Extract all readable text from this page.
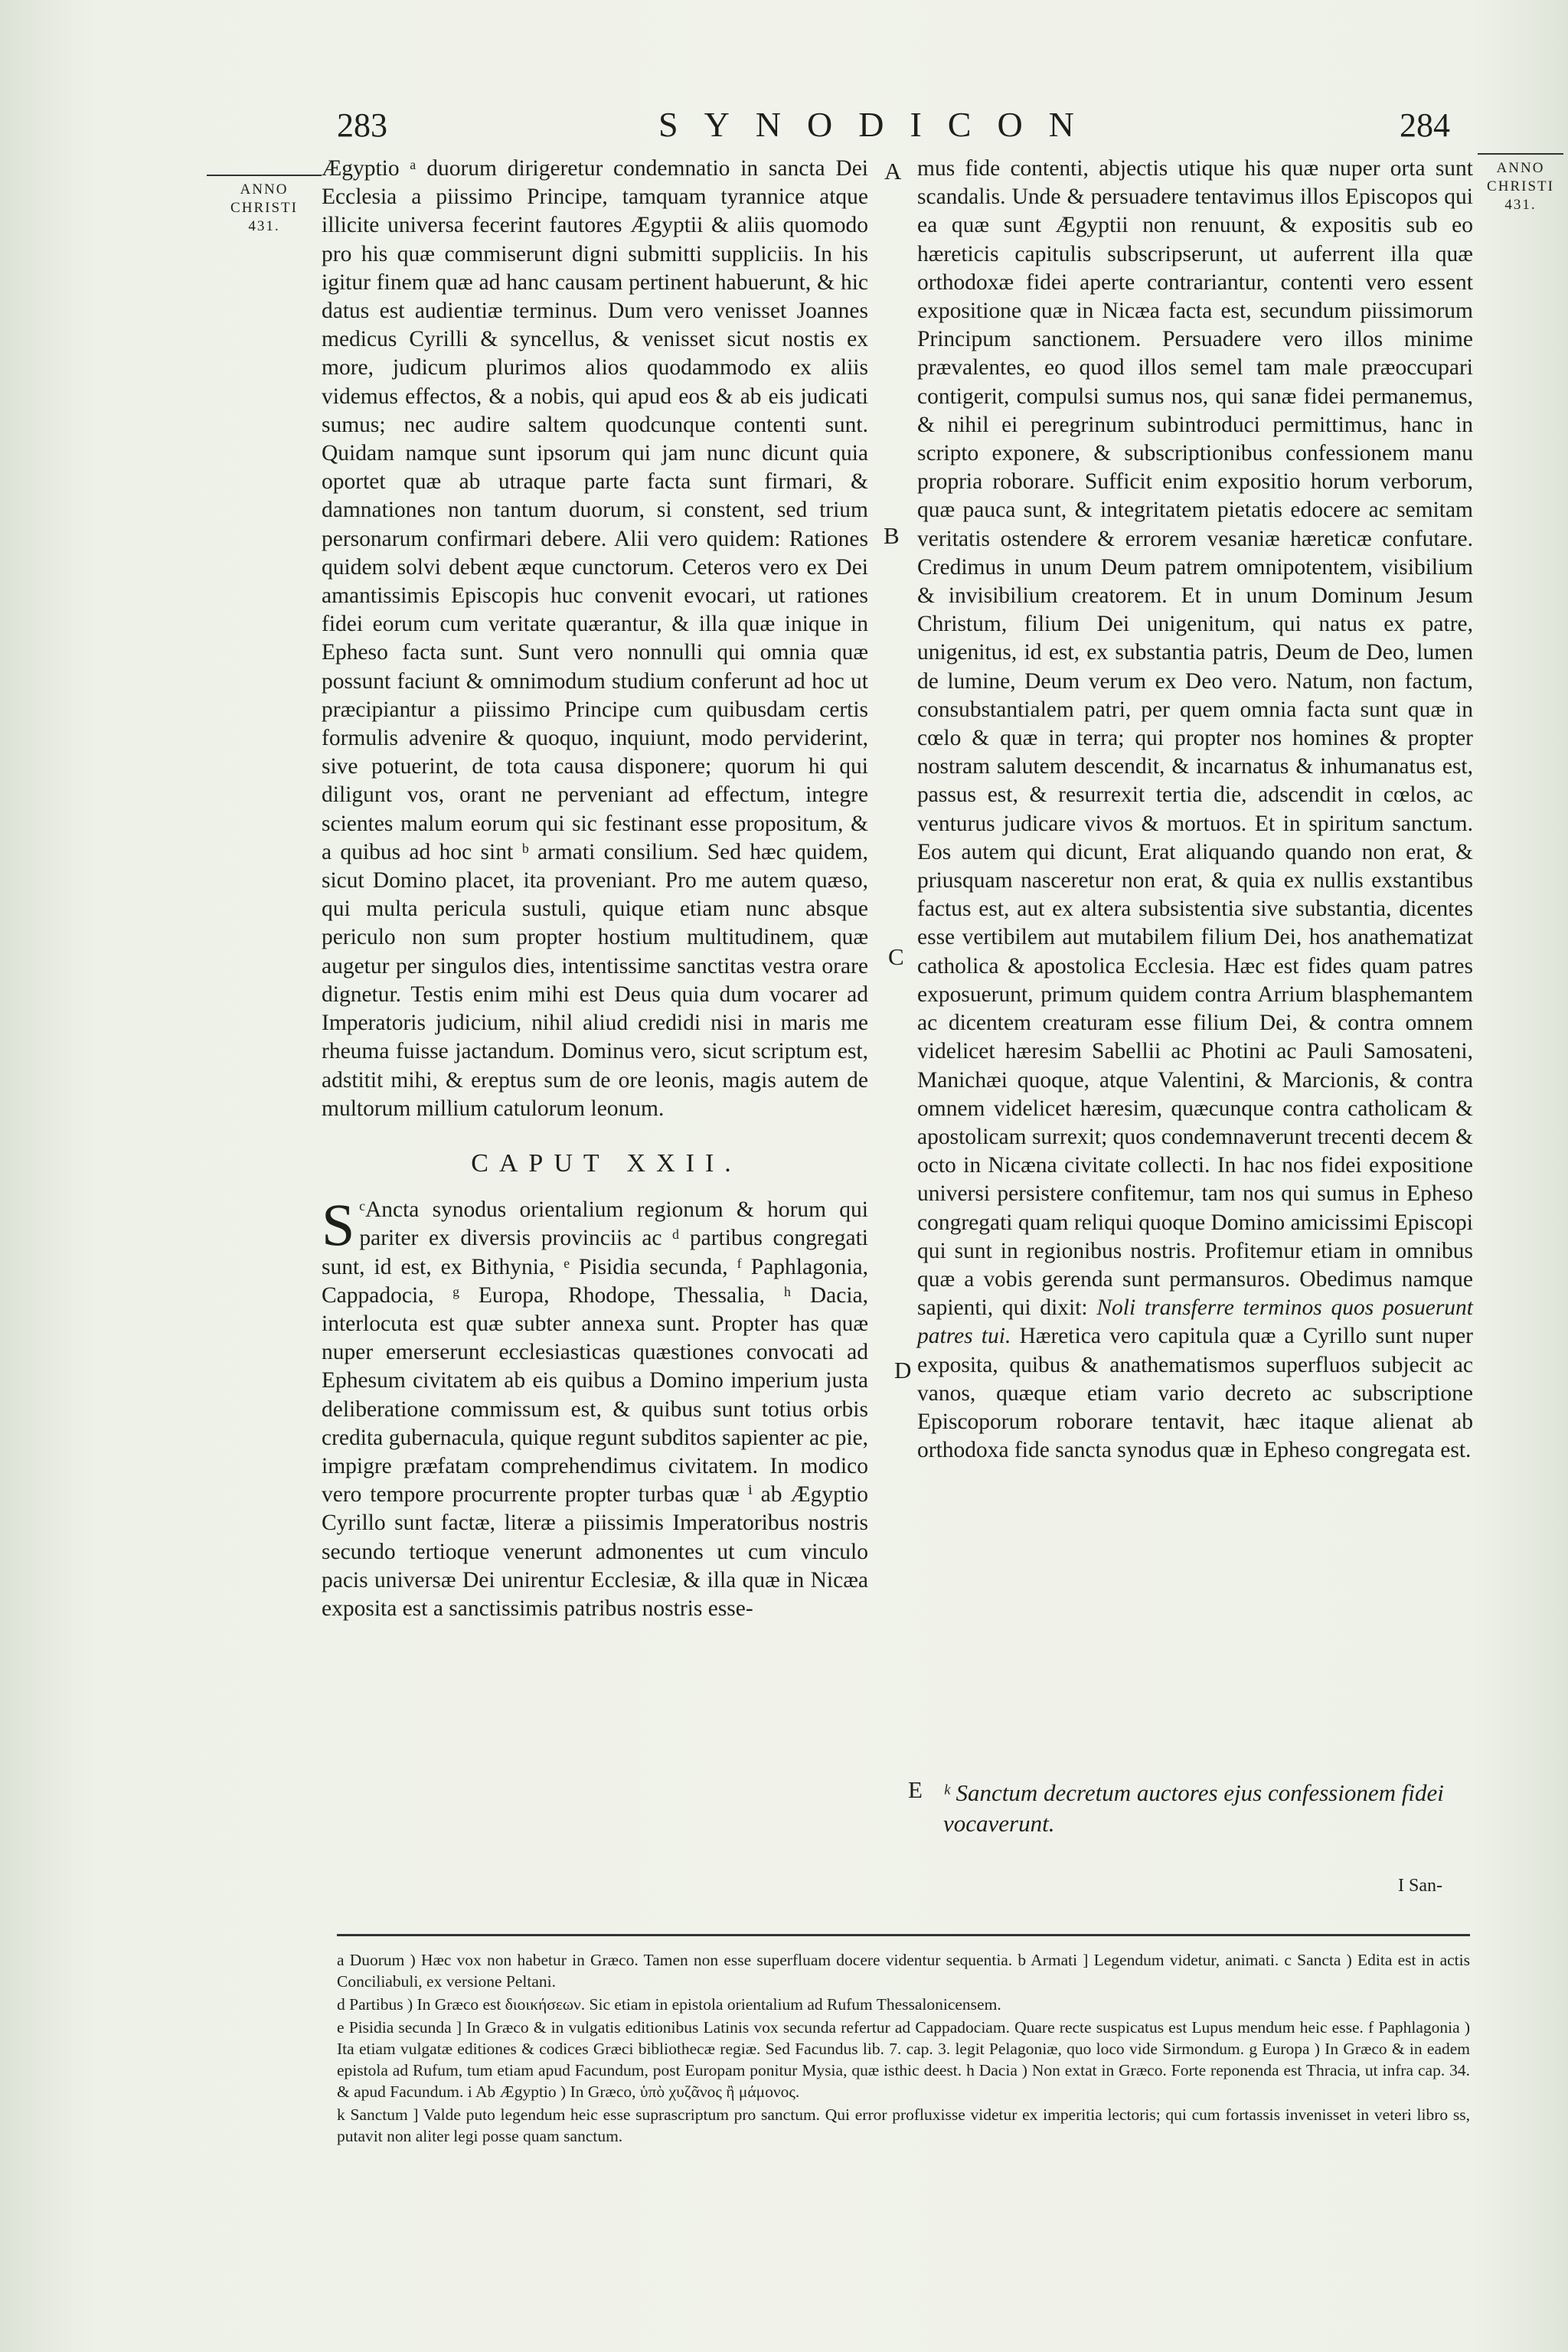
283	SYNODICON	284
ANNO
CHRISTI
431.
ANNO
CHRISTI
431.

Ægyptio ᵃ duorum dirigeretur condemnatio in sancta Dei Ecclesia a piissimo Principe, tamquam tyrannice atque illicite universa fecerint fautores Ægyptii & aliis quomodo pro his quæ commiserunt digni submitti suppliciis. In his igitur finem quæ ad hanc causam pertinent habuerunt, & hic datus est audientiæ terminus. Dum vero venisset Joannes medicus Cyrilli & syncellus, & venisset sicut nostis ex more, judicum plurimos alios quodammodo ex aliis videmus effectos, & a nobis, qui apud eos & ab eis judicati sumus; nec audire saltem quodcunque contenti sunt. Quidam namque sunt ipsorum qui jam nunc dicunt quia oportet quæ ab utraque parte facta sunt firmari, & damnationes non tantum duorum, si constent, sed trium personarum confirmari debere. Alii vero quidem: Rationes quidem solvi debent æque cunctorum. Ceteros vero ex Dei amantissimis Episcopis huc convenit evocari, ut rationes fidei eorum cum veritate quærantur, & illa quæ inique in Epheso facta sunt. Sunt vero nonnulli qui omnia quæ possunt faciunt & omnimodum studium conferunt ad hoc ut præcipiantur a piissimo Principe cum quibusdam certis formulis advenire & quoquo, inquiunt, modo perviderint, sive potuerint, de tota causa disponere; quorum hi qui diligunt vos, orant ne perveniant ad effectum, integre scientes malum eorum qui sic festinant esse propositum, & a quibus ad hoc sint ᵇ armati consilium. Sed hæc quidem, sicut Domino placet, ita proveniant. Pro me autem quæso, qui multa pericula sustuli, quique etiam nunc absque periculo non sum propter hostium multitudinem, quæ augetur per singulos dies, intentissime sanctitas vestra orare dignetur. Testis enim mihi est Deus quia dum vocarer ad Imperatoris judicium, nihil aliud credidi nisi in maris me rheuma fuisse jactandum. Dominus vero, sicut scriptum est, adstitit mihi, & ereptus sum de ore leonis, magis autem de multorum millium catulorum leonum.

CAPUT XXII.

S ᶜAncta synodus orientalium regionum & horum qui pariter ex diversis provinciis ac ᵈ partibus congregati sunt, id est, ex Bithynia, ᵉ Pisidia secunda, ᶠ Paphlagonia, Cappadocia, ᵍ Europa, Rhodope, Thessalia, ʰ Dacia, interlocuta est quæ subter annexa sunt. Propter has quæ nuper emerserunt ecclesiasticas quæstiones convocati ad Ephesum civitatem ab eis quibus a Domino imperium justa deliberatione commissum est, & quibus sunt totius orbis credita gubernacula, quique regunt subditos sapienter ac pie, impigre præfatam comprehendimus civitatem. In modico vero tempore procurrente propter turbas quæ ⁱ ab Ægyptio Cyrillo sunt factæ, literæ a piissimis Imperatoribus nostris secundo tertioque venerunt admonentes ut cum vinculo pacis universæ Dei unirentur Ecclesiæ, & illa quæ in Nicæa exposita est a sanctissimis patribus nostris esse-

A
B
C
D
E

mus fide contenti, abjectis utique his quæ nuper orta sunt scandalis. Unde & persuadere tentavimus illos Episcopos qui ea quæ sunt Ægyptii non renuunt, & expositis sub eo hæreticis capitulis subscripserunt, ut auferrent illa quæ orthodoxæ fidei aperte contrariantur, contenti vero essent expositione quæ in Nicæa facta est, secundum piissimorum Principum sanctionem. Persuadere vero illos minime prævalentes, eo quod illos semel tam male præoccupari contigerit, compulsi sumus nos, qui sanæ fidei permanemus, & nihil ei peregrinum subintroduci permittimus, hanc in scripto exponere, & subscriptionibus confessionem manu propria roborare. Sufficit enim expositio horum verborum, quæ pauca sunt, & integritatem pietatis edocere ac semitam veritatis ostendere & errorem vesaniæ hæreticæ confutare. Credimus in unum Deum patrem omnipotentem, visibilium & invisibilium creatorem. Et in unum Dominum Jesum Christum, filium Dei unigenitum, qui natus ex patre, unigenitus, id est, ex substantia patris, Deum de Deo, lumen de lumine, Deum verum ex Deo vero. Natum, non factum, consubstantialem patri, per quem omnia facta sunt quæ in cœlo & quæ in terra; qui propter nos homines & propter nostram salutem descendit, & incarnatus & inhumanatus est, passus est, & resurrexit tertia die, adscendit in cœlos, ac venturus judicare vivos & mortuos. Et in spiritum sanctum. Eos autem qui dicunt, Erat aliquando quando non erat, & priusquam nasceretur non erat, & quia ex nullis exstantibus factus est, aut ex altera subsistentia sive substantia, dicentes esse vertibilem aut mutabilem filium Dei, hos anathematizat catholica & apostolica Ecclesia. Hæc est fides quam patres exposuerunt, primum quidem contra Arrium blasphemantem ac dicentem creaturam esse filium Dei, & contra omnem videlicet hæresim Sabellii ac Photini ac Pauli Samosateni, Manichæi quoque, atque Valentini, & Marcionis, & contra omnem videlicet hæresim, quæcunque contra catholicam & apostolicam surrexit; quos condemnaverunt trecenti decem & octo in Nicæna civitate collecti. In hac nos fidei expositione universi persistere confitemur, tam nos qui sumus in Epheso congregati quam reliqui quoque Domino amicissimi Episcopi qui sunt in regionibus nostris. Profitemur etiam in omnibus quæ a vobis gerenda sunt permansuros. Obedimus namque sapienti, qui dixit: Noli transferre terminos quos posuerunt patres tui. Hæretica vero capitula quæ a Cyrillo sunt nuper exposita, quibus & anathematismos superfluos subjecit ac vanos, quæque etiam vario decreto ac subscriptione Episcoporum roborare tentavit, hæc itaque alienat ab orthodoxa fide sancta synodus quæ in Epheso congregata est.

ᵏ Sanctum decretum auctores ejus confessionem fidei vocaverunt.
I San-

a Duorum ) Hæc vox non habetur in Græco. Tamen non esse superfluam docere videntur sequentia. b Armati ] Legendum videtur, animati. c Sancta ) Edita est in actis Conciliabuli, ex versione Peltani.

d Partibus ) In Græco est διοικήσεων. Sic etiam in epistola orientalium ad Rufum Thessalonicensem.

e Pisidia secunda ] In Græco & in vulgatis editionibus Latinis vox secunda refertur ad Cappadociam. Quare recte suspicatus est Lupus mendum heic esse. f Paphlagonia ) Ita etiam vulgatæ editiones & codices Græci bibliothecæ regiæ. Sed Facundus lib. 7. cap. 3. legit Pelagoniæ, quo loco vide Sirmondum. g Europa ) In Græco & in eadem epistola ad Rufum, tum etiam apud Facundum, post Europam ponitur Mysia, quæ isthic deest. h Dacia ) Non extat in Græco. Forte reponenda est Thracia, ut infra cap. 34. & apud Facundum. i Ab Ægyptio ) In Græco, ὑπὸ χυζᾶνος ἢ μάμονος.

k Sanctum ] Valde puto legendum heic esse suprascriptum pro sanctum. Qui error profluxisse videtur ex imperitia lectoris; qui cum fortassis invenisset in veteri libro ss, putavit non aliter legi posse quam sanctum.
